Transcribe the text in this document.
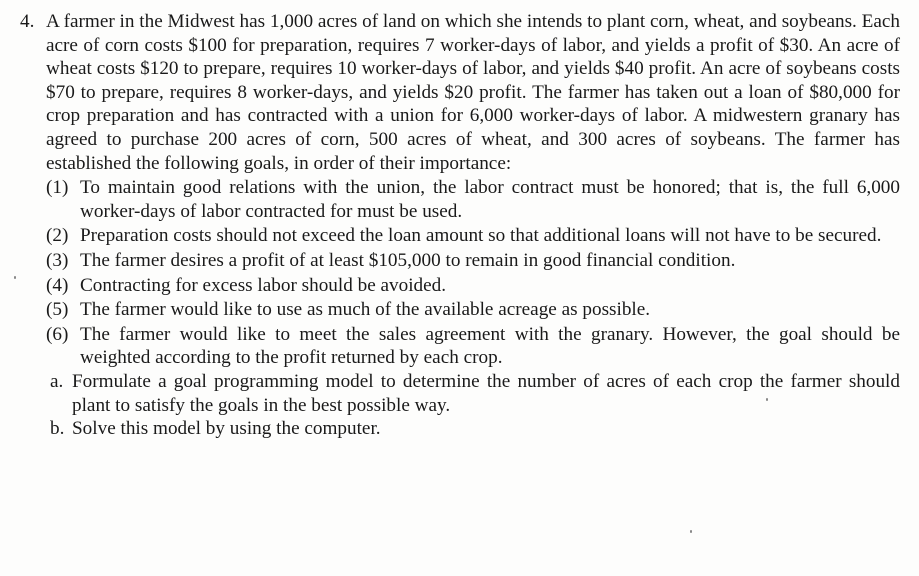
4. A farmer in the Midwest has 1,000 acres of land on which she intends to plant corn, wheat, and soybeans. Each acre of corn costs $100 for preparation, requires 7 worker-days of labor, and yields a profit of $30. An acre of wheat costs $120 to prepare, requires 10 worker-days of labor, and yields $40 profit. An acre of soybeans costs $70 to prepare, requires 8 worker-days, and yields $20 profit. The farmer has taken out a loan of $80,000 for crop preparation and has contracted with a union for 6,000 worker-days of labor. A midwestern granary has agreed to purchase 200 acres of corn, 500 acres of wheat, and 300 acres of soybeans. The farmer has established the following goals, in order of their importance:
(1) To maintain good relations with the union, the labor contract must be honored; that is, the full 6,000 worker-days of labor contracted for must be used.
(2) Preparation costs should not exceed the loan amount so that additional loans will not have to be secured.
(3) The farmer desires a profit of at least $105,000 to remain in good financial condition.
(4) Contracting for excess labor should be avoided.
(5) The farmer would like to use as much of the available acreage as possible.
(6) The farmer would like to meet the sales agreement with the granary. However, the goal should be weighted according to the profit returned by each crop.
a. Formulate a goal programming model to determine the number of acres of each crop the farmer should plant to satisfy the goals in the best possible way.
b. Solve this model by using the computer.
